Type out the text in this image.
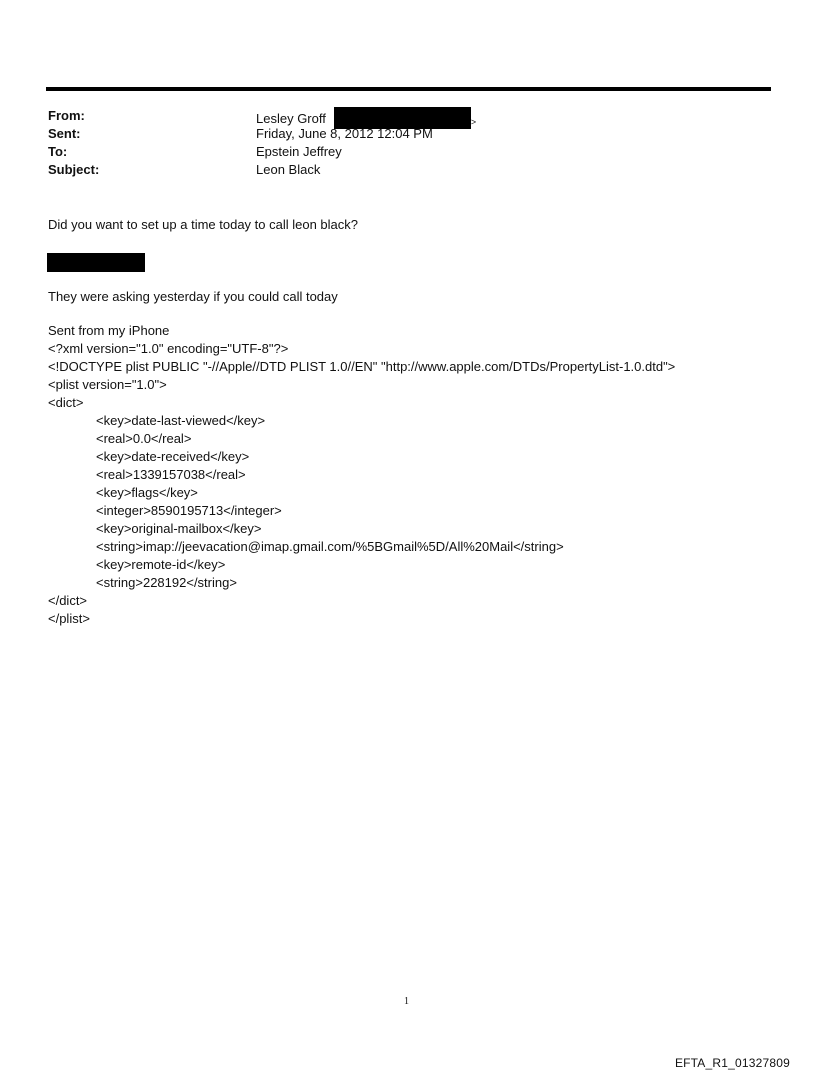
From:	Lesley Groff	>
Sent:	Friday, June 8, 2012 12:04 PM
To:	Epstein Jeffrey
Subject:	Leon Black
Did you want to set up a time today to call leon black?
They were asking yesterday if you could call today
Sent from my iPhone
<?xml version="1.0" encoding="UTF-8"?>
<!DOCTYPE plist PUBLIC "-//Apple//DTD PLIST 1.0//EN" "http://www.apple.com/DTDs/PropertyList-1.0.dtd">
<plist version="1.0">
<dict>
<key>date-last-viewed</key>
<real>0.0</real>
<key>date-received</key>
<real>1339157038</real>
<key>flags</key>
<integer>8590195713</integer>
<key>original-mailbox</key>
<string>imap://jeevacation@imap.gmail.com/%5BGmail%5D/All%20Mail</string>
<key>remote-id</key>
<string>228192</string>
</dict>
</plist>
1
EFTA_R1_01327809
